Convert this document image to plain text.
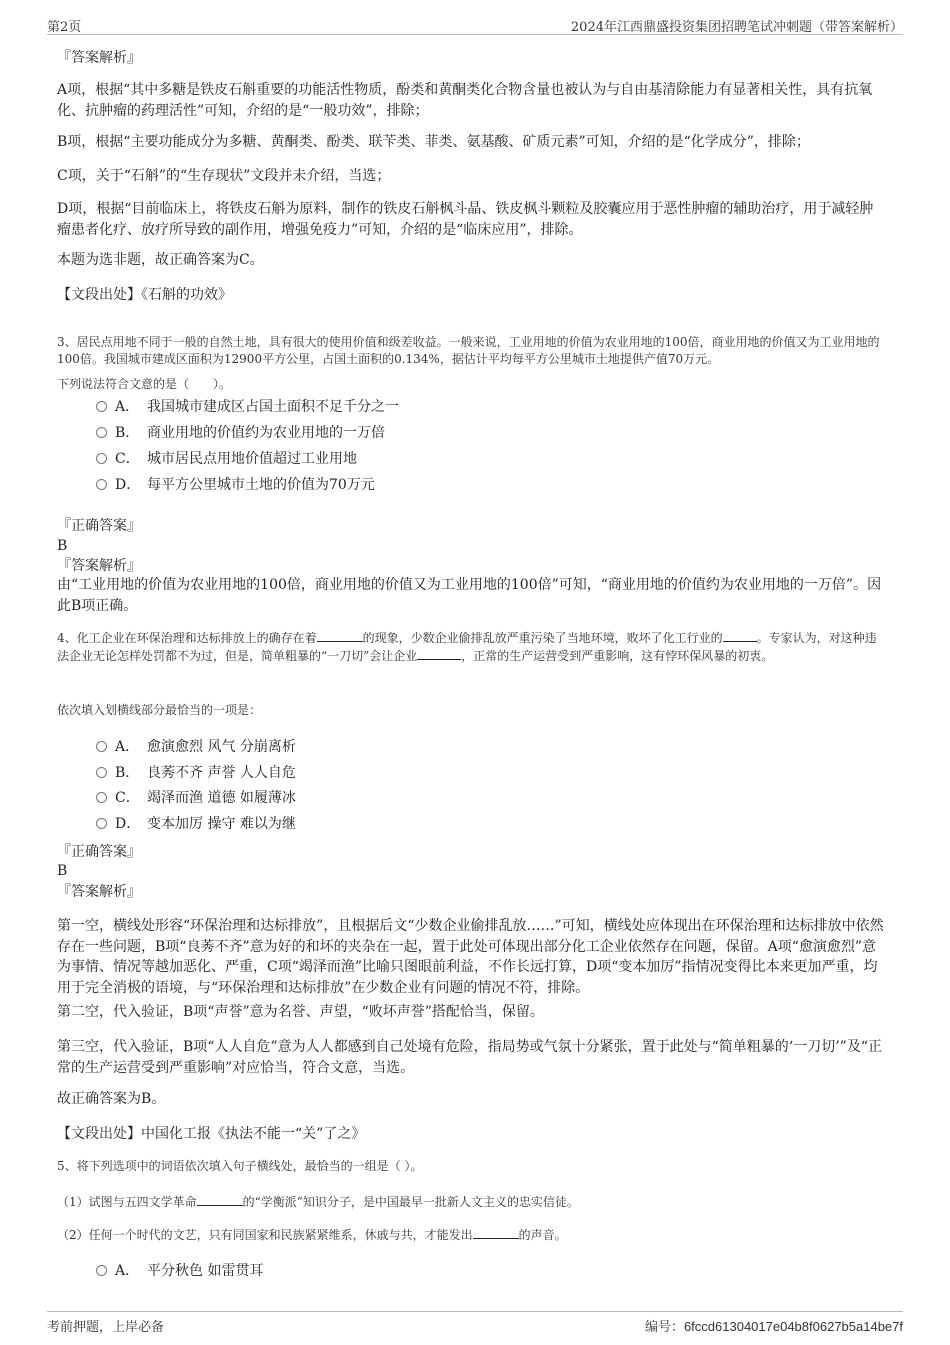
第2页	2024年江西鼎盛投资集团招聘笔试冲刺题（带答案解析）

『答案解析』

A项，根据“其中多糖是铁皮石斛重要的功能活性物质，酚类和黄酮类化合物含量也被认为与自由基清除能力有显著相关性，具有抗氧化、抗肿瘤的药理活性”可知，介绍的是“一般功效”，排除；

B项，根据“主要功能成分为多糖、黄酮类、酚类、联苄类、菲类、氨基酸、矿质元素”可知，介绍的是“化学成分”，排除；

C项，关于“石斛”的“生存现状”文段并未介绍，当选；

D项，根据“目前临床上，将铁皮石斛为原料，制作的铁皮石斛枫斗晶、铁皮枫斗颗粒及胶囊应用于恶性肿瘤的辅助治疗，用于减轻肿瘤患者化疗、放疗所导致的副作用，增强免疫力”可知，介绍的是“临床应用”，排除。

本题为选非题，故正确答案为C。

【文段出处】《石斛的功效》

3、居民点用地不同于一般的自然土地，具有很大的使用价值和级差收益。一般来说，工业用地的价值为农业用地的100倍，商业用地的价值又为工业用地的100倍。我国城市建成区面积为12900平方公里，占国土面积的0.134%，据估计平均每平方公里城市土地提供产值70万元。

下列说法符合文意的是（　　）。

A． 我国城市建成区占国土面积不足千分之一
B． 商业用地的价值约为农业用地的一万倍
C． 城市居民点用地价值超过工业用地
D． 每平方公里城市土地的价值为70万元

『正确答案』

B

『答案解析』

由“工业用地的价值为农业用地的100倍，商业用地的价值又为工业用地的100倍”可知，“商业用地的价值约为农业用地的一万倍”。因此B项正确。

4、化工企业在环保治理和达标排放上的确存在着	的现象，少数企业偷排乱放严重污染了当地环境，败坏了化工行业的	。专家认为，对这种违法企业无论怎样处罚都不为过，但是，简单粗暴的“一刀切”会让企业	，正常的生产运营受到严重影响，这有悖环保风暴的初衷。

依次填入划横线部分最恰当的一项是：

A． 愈演愈烈 风气 分崩离析
B． 良莠不齐 声誉 人人自危
C． 竭泽而渔 道德 如履薄冰
D． 变本加厉 操守 难以为继

『正确答案』

B

『答案解析』

第一空，横线处形容“环保治理和达标排放”，且根据后文“少数企业偷排乱放……”可知，横线处应体现出在环保治理和达标排放中依然存在一些问题，B项“良莠不齐”意为好的和坏的夹杂在一起，置于此处可体现出部分化工企业依然存在问题，保留。A项“愈演愈烈”意为事情、情况等越加恶化、严重，C项“竭泽而渔”比喻只图眼前利益，不作长远打算，D项“变本加厉”指情况变得比本来更加严重，均用于完全消极的语境，与“环保治理和达标排放”在少数企业有问题的情况不符，排除。

第二空，代入验证，B项“声誉”意为名誉、声望，“败坏声誉”搭配恰当，保留。

第三空，代入验证，B项“人人自危”意为人人都感到自己处境有危险，指局势或气氛十分紧张，置于此处与“简单粗暴的‘一刀切’”及“正常的生产运营受到严重影响”对应恰当，符合文意，当选。

故正确答案为B。

【文段出处】中国化工报《执法不能一“关”了之》

5、将下列选项中的词语依次填入句子横线处，最恰当的一组是（ ）。

（1）试图与五四文学革命	的“学衡派”知识分子，是中国最早一批新人文主义的忠实信徒。

（2）任何一个时代的文艺，只有同国家和民族紧紧维系，休戚与共，才能发出	的声音。

A． 平分秋色 如雷贯耳
考前押题，上岸必备	编号：6fccd61304017e04b8f0627b5a14be7f
